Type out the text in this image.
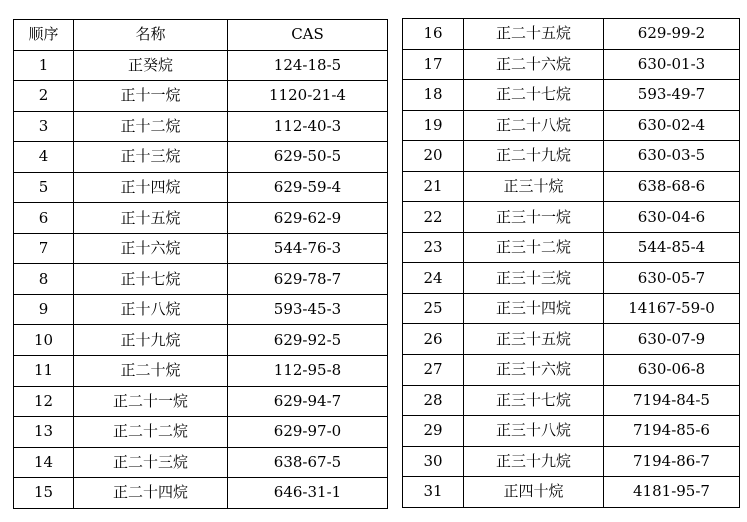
顺序	名称	CAS
1	正癸烷	124-18-5
2	正十一烷	1120-21-4
3	正十二烷	112-40-3
4	正十三烷	629-50-5
5	正十四烷	629-59-4
6	正十五烷	629-62-9
7	正十六烷	544-76-3
8	正十七烷	629-78-7
9	正十八烷	593-45-3
10	正十九烷	629-92-5
11	正二十烷	112-95-8
12	正二十一烷	629-94-7
13	正二十二烷	629-97-0
14	正二十三烷	638-67-5
15	正二十四烷	646-31-1
16	正二十五烷	629-99-2
17	正二十六烷	630-01-3
18	正二十七烷	593-49-7
19	正二十八烷	630-02-4
20	正二十九烷	630-03-5
21	正三十烷	638-68-6
22	正三十一烷	630-04-6
23	正三十二烷	544-85-4
24	正三十三烷	630-05-7
25	正三十四烷	14167-59-0
26	正三十五烷	630-07-9
27	正三十六烷	630-06-8
28	正三十七烷	7194-84-5
29	正三十八烷	7194-85-6
30	正三十九烷	7194-86-7
31	正四十烷	4181-95-7
